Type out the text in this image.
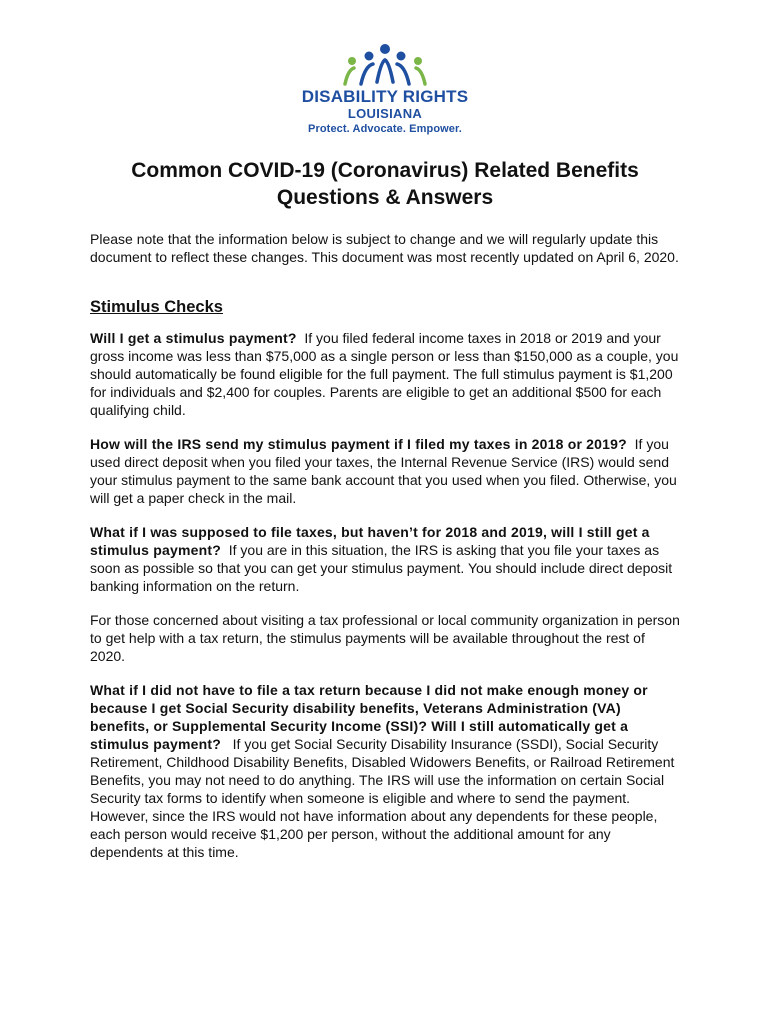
DISABILITY RIGHTS
LOUISIANA
Protect. Advocate. Empower.
Common COVID-19 (Coronavirus) Related Benefits
Questions & Answers
Please note that the information below is subject to change and we will regularly update this document to reflect these changes. This document was most recently updated on April 6, 2020.
Stimulus Checks
Will I get a stimulus payment? If you filed federal income taxes in 2018 or 2019 and your gross income was less than $75,000 as a single person or less than $150,000 as a couple, you should automatically be found eligible for the full payment. The full stimulus payment is $1,200 for individuals and $2,400 for couples. Parents are eligible to get an additional $500 for each qualifying child.
How will the IRS send my stimulus payment if I filed my taxes in 2018 or 2019? If you used direct deposit when you filed your taxes, the Internal Revenue Service (IRS) would send your stimulus payment to the same bank account that you used when you filed. Otherwise, you will get a paper check in the mail.
What if I was supposed to file taxes, but haven’t for 2018 and 2019, will I still get a stimulus payment? If you are in this situation, the IRS is asking that you file your taxes as soon as possible so that you can get your stimulus payment. You should include direct deposit banking information on the return.
For those concerned about visiting a tax professional or local community organization in person to get help with a tax return, the stimulus payments will be available throughout the rest of 2020.
What if I did not have to file a tax return because I did not make enough money or because I get Social Security disability benefits, Veterans Administration (VA) benefits, or Supplemental Security Income (SSI)? Will I still automatically get a stimulus payment? If you get Social Security Disability Insurance (SSDI), Social Security Retirement, Childhood Disability Benefits, Disabled Widowers Benefits, or Railroad Retirement Benefits, you may not need to do anything. The IRS will use the information on certain Social Security tax forms to identify when someone is eligible and where to send the payment. However, since the IRS would not have information about any dependents for these people, each person would receive $1,200 per person, without the additional amount for any dependents at this time.
